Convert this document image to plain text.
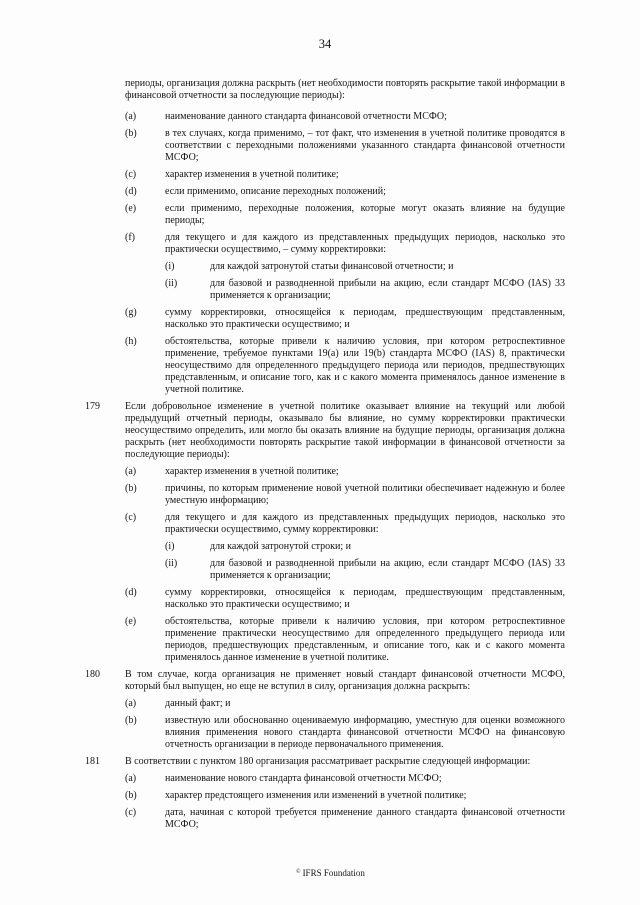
34
периоды, организация должна раскрыть (нет необходимости повторять раскрытие такой информации в финансовой отчетности за последующие периоды):
(a)	наименование данного стандарта финансовой отчетности МСФО;
(b)	в тех случаях, когда применимо, – тот факт, что изменения в учетной политике проводятся в соответствии с переходными положениями указанного стандарта финансовой отчетности МСФО;
(c)	характер изменения в учетной политике;
(d)	если применимо, описание переходных положений;
(e)	если применимо, переходные положения, которые могут оказать влияние на будущие периоды;
(f)	для текущего и для каждого из представленных предыдущих периодов, насколько это практически осуществимо, – сумму корректировки:
(i)	для каждой затронутой статьи финансовой отчетности; и
(ii)	для базовой и разводненной прибыли на акцию, если стандарт МСФО (IAS) 33 применяется к организации;
(g)	сумму корректировки, относящейся к периодам, предшествующим представленным, насколько это практически осуществимо; и
(h)	обстоятельства, которые привели к наличию условия, при котором ретроспективное применение, требуемое пунктами 19(a) или 19(b) стандарта МСФО (IAS) 8, практически неосуществимо для определенного предыдущего периода или периодов, предшествующих представленным, и описание того, как и с какого момента применялось данное изменение в учетной политике.
179	Если добровольное изменение в учетной политике оказывает влияние на текущий или любой предыдущий отчетный периоды, оказывало бы влияние, но сумму корректировки практически неосуществимо определить, или могло бы оказать влияние на будущие периоды, организация должна раскрыть (нет необходимости повторять раскрытие такой информации в финансовой отчетности за последующие периоды):
(a)	характер изменения в учетной политике;
(b)	причины, по которым применение новой учетной политики обеспечивает надежную и более уместную информацию;
(c)	для текущего и для каждого из представленных предыдущих периодов, насколько это практически осуществимо, сумму корректировки:
(i)	для каждой затронутой строки; и
(ii)	для базовой и разводненной прибыли на акцию, если стандарт МСФО (IAS) 33 применяется к организации;
(d)	сумму корректировки, относящейся к периодам, предшествующим представленным, насколько это практически осуществимо; и
(e)	обстоятельства, которые привели к наличию условия, при котором ретроспективное применение практически неосуществимо для определенного предыдущего периода или периодов, предшествующих представленным, и описание того, как и с какого момента применялось данное изменение в учетной политике.
180	В том случае, когда организация не применяет новый стандарт финансовой отчетности МСФО, который был выпущен, но еще не вступил в силу, организация должна раскрыть:
(a)	данный факт; и
(b)	известную или обоснованно оцениваемую информацию, уместную для оценки возможного влияния применения нового стандарта финансовой отчетности МСФО на финансовую отчетность организации в периоде первоначального применения.
181	В соответствии с пунктом 180 организация рассматривает раскрытие следующей информации:
(a)	наименование нового стандарта финансовой отчетности МСФО;
(b)	характер предстоящего изменения или изменений в учетной политике;
(c)	дата, начиная с которой требуется применение данного стандарта финансовой отчетности МСФО;
© IFRS Foundation
